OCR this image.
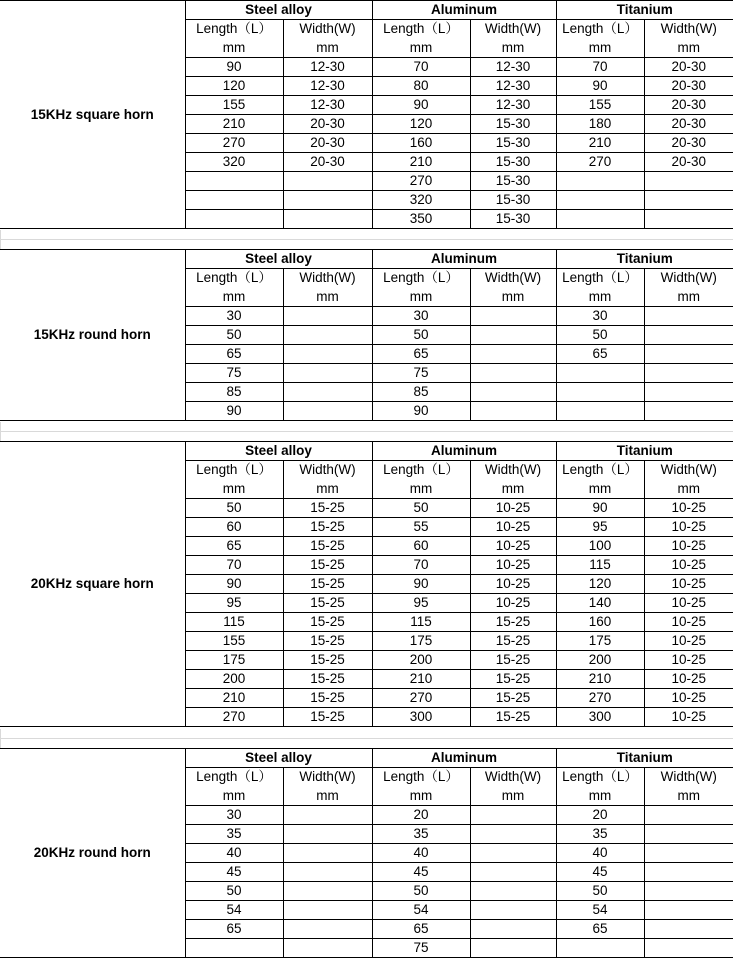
15KHz square horn	Steel alloy		Aluminum		Titanium	
	Length（L）	Width(W)	Length（L）	Width(W)	Length（L）	Width(W)
	mm	mm	mm	mm	mm	mm
	90	12-30	70	12-30	70	20-30
	120	12-30	80	12-30	90	20-30
	155	12-30	90	12-30	155	20-30
	210	20-30	120	15-30	180	20-30
	270	20-30	160	15-30	210	20-30
	320	20-30	210	15-30	270	20-30
			270	15-30		
			320	15-30		
			350	15-30		
15KHz round horn	Steel alloy		Aluminum		Titanium	
	Length（L）	Width(W)	Length（L）	Width(W)	Length（L）	Width(W)
	mm	mm	mm	mm	mm	mm
	30		30		30	
	50		50		50	
	65		65		65	
	75		75			
	85		85			
	90		90			
20KHz square horn	Steel alloy		Aluminum		Titanium	
	Length（L）	Width(W)	Length（L）	Width(W)	Length（L）	Width(W)
	mm	mm	mm	mm	mm	mm
	50	15-25	50	10-25	90	10-25
	60	15-25	55	10-25	95	10-25
	65	15-25	60	10-25	100	10-25
	70	15-25	70	10-25	115	10-25
	90	15-25	90	10-25	120	10-25
	95	15-25	95	10-25	140	10-25
	115	15-25	115	15-25	160	10-25
	155	15-25	175	15-25	175	10-25
	175	15-25	200	15-25	200	10-25
	200	15-25	210	15-25	210	10-25
	210	15-25	270	15-25	270	10-25
	270	15-25	300	15-25	300	10-25
20KHz round horn	Steel alloy		Aluminum		Titanium	
	Length（L）	Width(W)	Length（L）	Width(W)	Length（L）	Width(W)
	mm	mm	mm	mm	mm	mm
	30		20		20	
	35		35		35	
	40		40		40	
	45		45		45	
	50		50		50	
	54		54		54	
	65		65		65	
			75			
